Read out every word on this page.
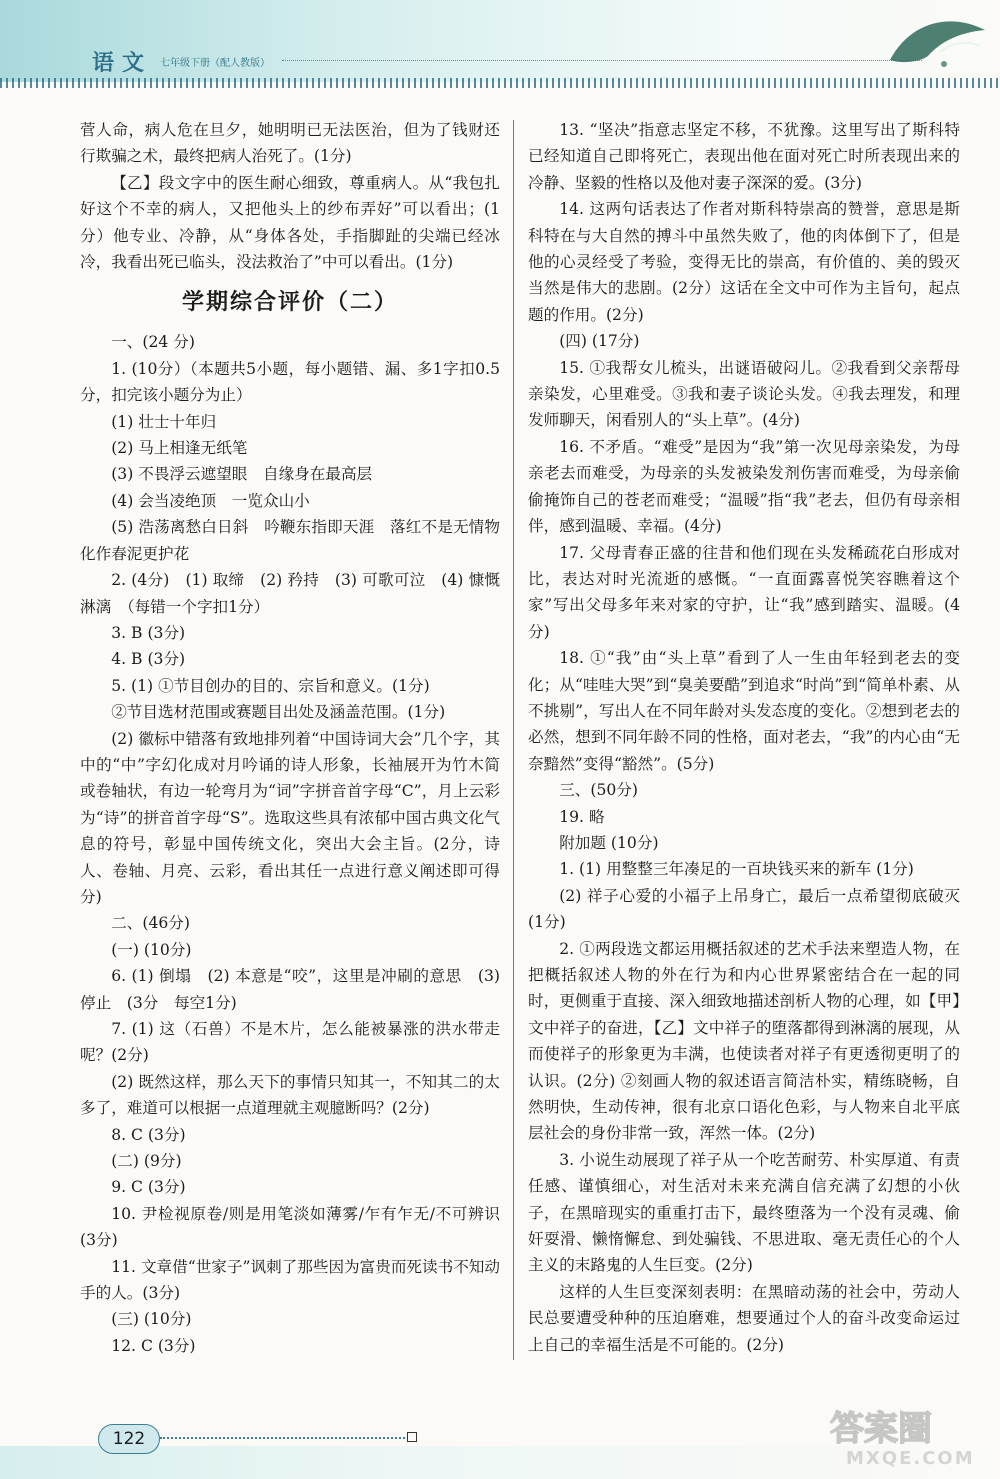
语文 七年级下册（配人教版）

菅人命，病人危在旦夕，她明明已无法医治，但为了钱财还行欺骗之术，最终把病人治死了。(1分)

【乙】段文字中的医生耐心细致，尊重病人。从“我包扎好这个不幸的病人，又把他头上的纱布弄好”可以看出；(1分）他专业、冷静，从“身体各处，手指脚趾的尖端已经冰冷，我看出死已临头，没法救治了”中可以看出。(1分)

学期综合评价（二）

一、(24 分)

1. (10分）（本题共5小题，每小题错、漏、多1字扣0.5分，扣完该小题分为止）

(1) 壮士十年归

(2) 马上相逢无纸笔

(3) 不畏浮云遮望眼　自缘身在最高层

(4) 会当凌绝顶　一览众山小

(5) 浩荡离愁白日斜　吟鞭东指即天涯　落红不是无情物　化作春泥更护花

2. (4分)　(1) 取缔　(2) 矜持　(3) 可歌可泣　(4) 慷慨淋漓　（每错一个字扣1分）

3. B (3分)

4. B (3分)

5. (1) ①节目创办的目的、宗旨和意义。(1分)

②节目选材范围或赛题目出处及涵盖范围。(1分)

(2) 徽标中错落有致地排列着“中国诗词大会”几个字，其中的“中”字幻化成对月吟诵的诗人形象，长袖展开为竹木简或卷轴状，有边一轮弯月为“词”字拼音首字母“C”，月上云彩为“诗”的拼音首字母“S”。选取这些具有浓郁中国古典文化气息的符号，彰显中国传统文化，突出大会主旨。(2分，诗人、卷轴、月亮、云彩，看出其任一点进行意义阐述即可得分)

二、(46分)

(一) (10分)

6. (1) 倒塌　(2) 本意是“咬”，这里是冲刷的意思　(3) 停止　(3分　每空1分)

7. (1) 这（石兽）不是木片，怎么能被暴涨的洪水带走呢？(2分)

(2) 既然这样，那么天下的事情只知其一，不知其二的太多了，难道可以根据一点道理就主观臆断吗？(2分)

8. C (3分)

(二) (9分)

9. C (3分)

10. 尹检视原卷/则是用笔淡如薄雾/乍有乍无/不可辨识 (3分)

11. 文章借“世家子”讽刺了那些因为富贵而死读书不知动手的人。(3分)

(三) (10分)

12. C (3分)

13. “坚决”指意志坚定不移，不犹豫。这里写出了斯科特已经知道自己即将死亡，表现出他在面对死亡时所表现出来的冷静、坚毅的性格以及他对妻子深深的爱。(3分)

14. 这两句话表达了作者对斯科特崇高的赞誉，意思是斯科特在与大自然的搏斗中虽然失败了，他的肉体倒下了，但是他的心灵经受了考验，变得无比的崇高，有价值的、美的毁灭当然是伟大的悲剧。(2分）这话在全文中可作为主旨句，起点题的作用。(2分)

(四) (17分)

15. ①我帮女儿梳头，出谜语破闷儿。②我看到父亲帮母亲染发，心里难受。③我和妻子谈论头发。④我去理发，和理发师聊天，闲看别人的“头上草”。(4分)

16. 不矛盾。“难受”是因为“我”第一次见母亲染发，为母亲老去而难受，为母亲的头发被染发剂伤害而难受，为母亲偷偷掩饰自己的苍老而难受；“温暖”指“我”老去，但仍有母亲相伴，感到温暖、幸福。(4分)

17. 父母青春正盛的往昔和他们现在头发稀疏花白形成对比，表达对时光流逝的感慨。“一直面露喜悦笑容瞧着这个家”写出父母多年来对家的守护，让“我”感到踏实、温暖。(4分)

18. ①“我”由“头上草”看到了人一生由年轻到老去的变化；从“哇哇大哭”到“臭美要酷”到追求“时尚”到“简单朴素、从不挑剔”，写出人在不同年龄对头发态度的变化。②想到老去的必然，想到不同年龄不同的性格，面对老去，“我”的内心由“无奈黯然”变得“豁然”。(5分)

三、(50分)

19. 略

附加题 (10分)

1. (1) 用整整三年凑足的一百块钱买来的新车 (1分)

(2) 祥子心爱的小福子上吊身亡，最后一点希望彻底破灭 (1分)

2. ①两段选文都运用概括叙述的艺术手法来塑造人物，在把概括叙述人物的外在行为和内心世界紧密结合在一起的同时，更侧重于直接、深入细致地描述剖析人物的心理，如【甲】文中祥子的奋进，【乙】文中祥子的堕落都得到淋漓的展现，从而使祥子的形象更为丰满，也使读者对祥子有更透彻更明了的认识。(2分) ②刻画人物的叙述语言简洁朴实，精练晓畅，自然明快，生动传神，很有北京口语化色彩，与人物来自北平底层社会的身份非常一致，浑然一体。(2分)

3. 小说生动展现了祥子从一个吃苦耐劳、朴实厚道、有责任感、谨慎细心，对生活对未来充满自信充满了幻想的小伙子，在黑暗现实的重重打击下，最终堕落为一个没有灵魂、偷奸耍滑、懒惰懈怠、到处骗钱、不思进取、毫无责任心的个人主义的末路鬼的人生巨变。(2分)

这样的人生巨变深刻表明：在黑暗动荡的社会中，劳动人民总要遭受种种的压迫磨难，想要通过个人的奋斗改变命运过上自己的幸福生活是不可能的。(2分)

122	答案圈
MXQE.COM
